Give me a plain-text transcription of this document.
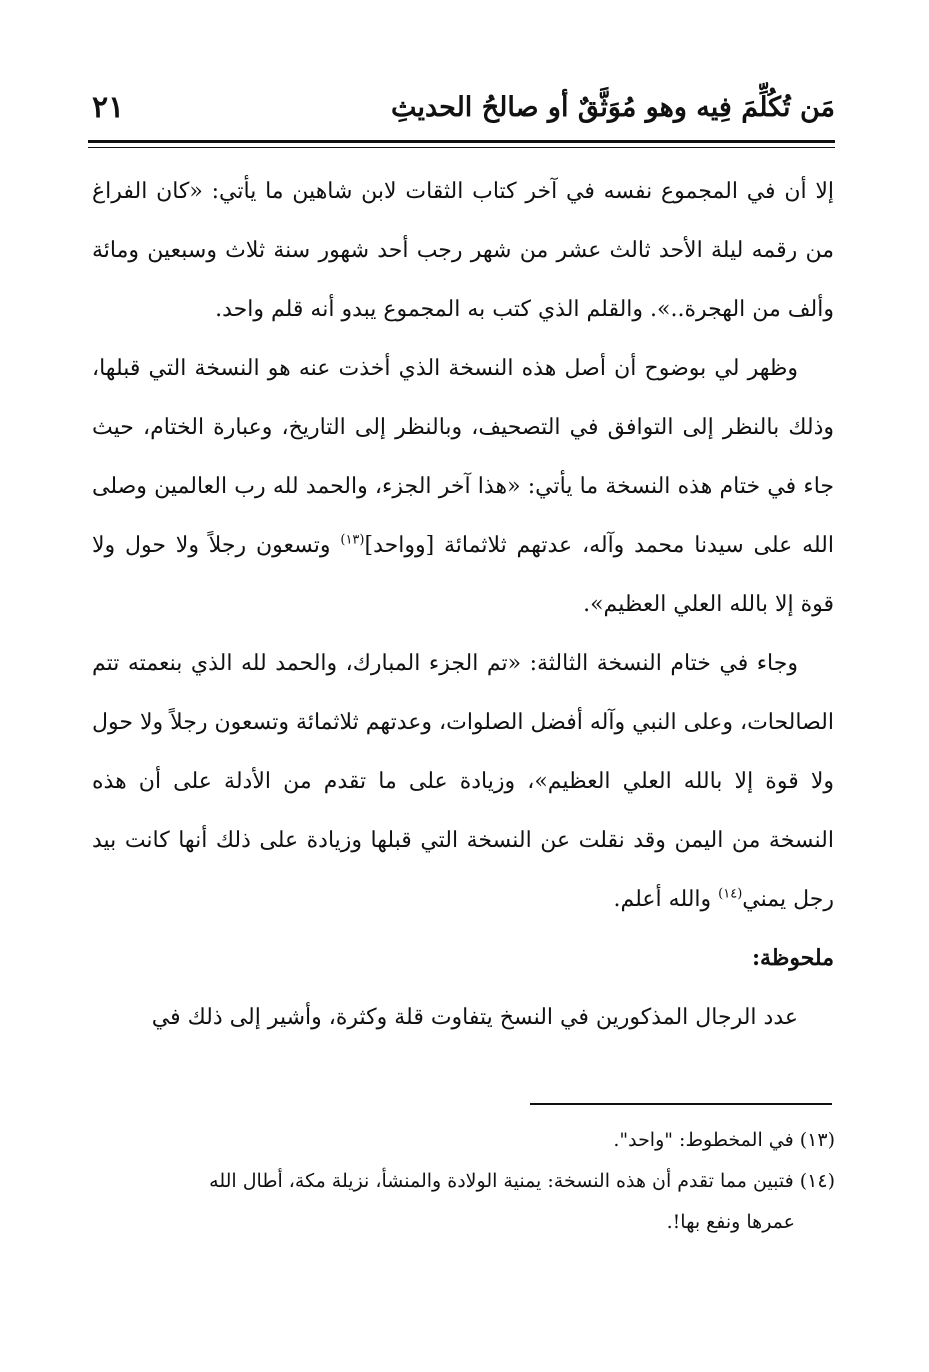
مَن تُكُلِّمَ فِيه وهو مُوَثَّقٌ أو صالحُ الحديثِ
٢١

إلا أن في المجموع نفسه في آخر كتاب الثقات لابن شاهين ما يأتي: «كان الفراغ من رقمه ليلة الأحد ثالث عشر من شهر رجب أحد شهور سنة ثلاث وسبعين ومائة وألف من الهجرة..». والقلم الذي كتب به المجموع يبدو أنه قلم واحد.

وظهر لي بوضوح أن أصل هذه النسخة الذي أخذت عنه هو النسخة التي قبلها، وذلك بالنظر إلى التوافق في التصحيف، وبالنظر إلى التاريخ، وعبارة الختام، حيث جاء في ختام هذه النسخة ما يأتي: «هذا آخر الجزء، والحمد لله رب العالمين وصلى الله على سيدنا محمد وآله، عدتهم ثلاثمائة [وواحد]$^{(١٣)}$ وتسعون رجلاً ولا حول ولا قوة إلا بالله العلي العظيم».

وجاء في ختام النسخة الثالثة: «تم الجزء المبارك، والحمد لله الذي بنعمته تتم الصالحات، وعلى النبي وآله أفضل الصلوات، وعدتهم ثلاثمائة وتسعون رجلاً ولا حول ولا قوة إلا بالله العلي العظيم»، وزيادة على ما تقدم من الأدلة على أن هذه النسخة من اليمن وقد نقلت عن النسخة التي قبلها وزيادة على ذلك أنها كانت بيد رجل يمني$^{(١٤)}$ والله أعلم.

ملحوظة:

عدد الرجال المذكورين في النسخ يتفاوت قلة وكثرة، وأشير إلى ذلك في

(١٣) في المخطوط: "واحد".

(١٤) فتبين مما تقدم أن هذه النسخة: يمنية الولادة والمنشأ، نزيلة مكة، أطال الله

عمرها ونفع بها!.
